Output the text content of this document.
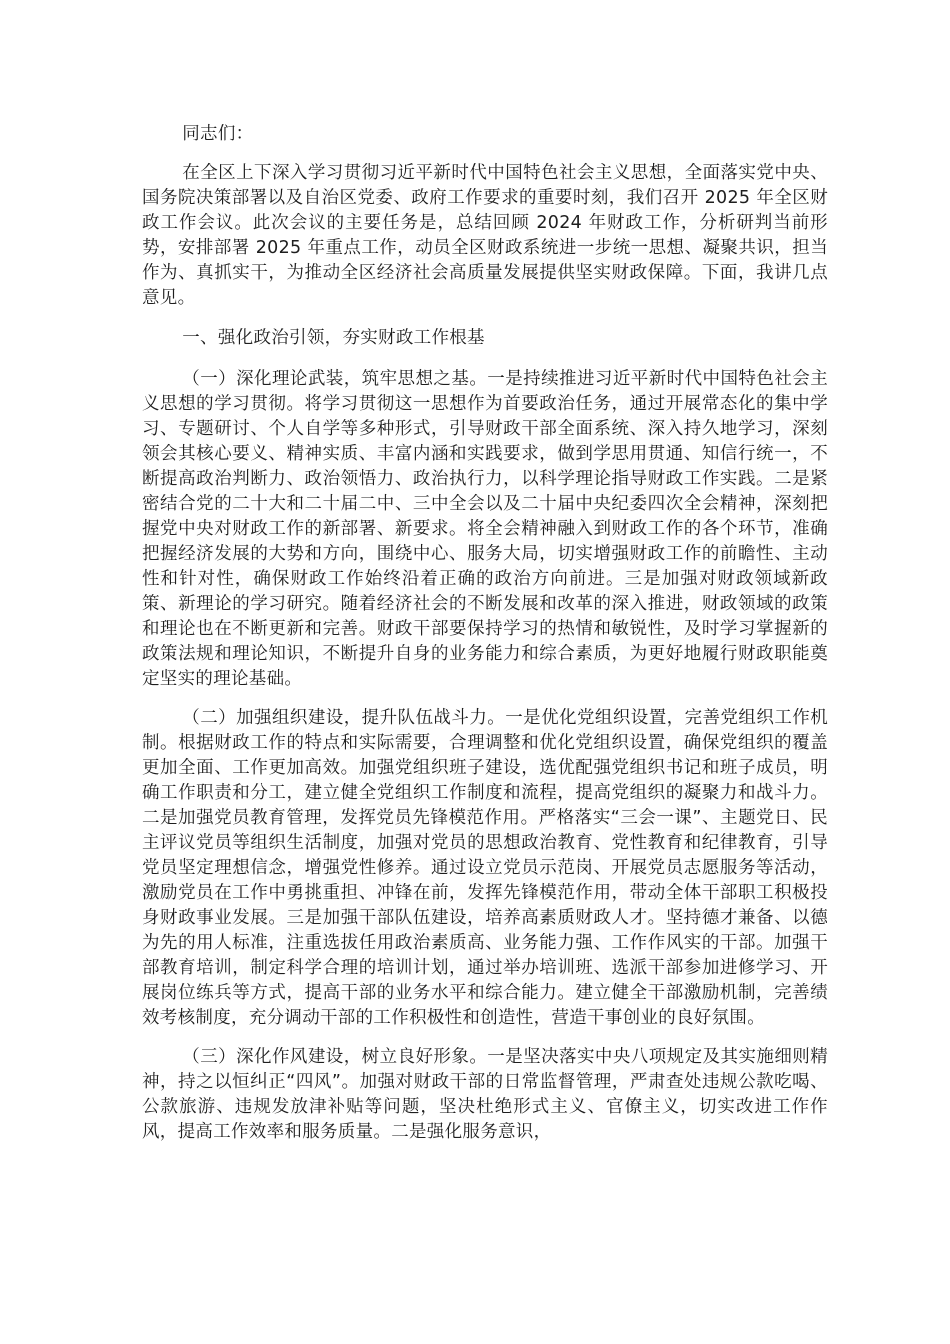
同志们：

在全区上下深入学习贯彻习近平新时代中国特色社会主义思想，全面落实党中央、国务院决策部署以及自治区党委、政府工作要求的重要时刻，我们召开 2025 年全区财政工作会议。此次会议的主要任务是，总结回顾 2024 年财政工作，分析研判当前形势，安排部署 2025 年重点工作，动员全区财政系统进一步统一思想、凝聚共识，担当作为、真抓实干，为推动全区经济社会高质量发展提供坚实财政保障。下面，我讲几点意见。

一、强化政治引领，夯实财政工作根基

（一）深化理论武装，筑牢思想之基。一是持续推进习近平新时代中国特色社会主义思想的学习贯彻。将学习贯彻这一思想作为首要政治任务，通过开展常态化的集中学习、专题研讨、个人自学等多种形式，引导财政干部全面系统、深入持久地学习，深刻领会其核心要义、精神实质、丰富内涵和实践要求，做到学思用贯通、知信行统一，不断提高政治判断力、政治领悟力、政治执行力，以科学理论指导财政工作实践。二是紧密结合党的二十大和二十届二中、三中全会以及二十届中央纪委四次全会精神，深刻把握党中央对财政工作的新部署、新要求。将全会精神融入到财政工作的各个环节，准确把握经济发展的大势和方向，围绕中心、服务大局，切实增强财政工作的前瞻性、主动性和针对性，确保财政工作始终沿着正确的政治方向前进。三是加强对财政领域新政策、新理论的学习研究。随着经济社会的不断发展和改革的深入推进，财政领域的政策和理论也在不断更新和完善。财政干部要保持学习的热情和敏锐性，及时学习掌握新的政策法规和理论知识，不断提升自身的业务能力和综合素质，为更好地履行财政职能奠定坚实的理论基础。

（二）加强组织建设，提升队伍战斗力。一是优化党组织设置，完善党组织工作机制。根据财政工作的特点和实际需要，合理调整和优化党组织设置，确保党组织的覆盖更加全面、工作更加高效。加强党组织班子建设，选优配强党组织书记和班子成员，明确工作职责和分工，建立健全党组织工作制度和流程，提高党组织的凝聚力和战斗力。二是加强党员教育管理，发挥党员先锋模范作用。严格落实“三会一课”、主题党日、民主评议党员等组织生活制度，加强对党员的思想政治教育、党性教育和纪律教育，引导党员坚定理想信念，增强党性修养。通过设立党员示范岗、开展党员志愿服务等活动，激励党员在工作中勇挑重担、冲锋在前，发挥先锋模范作用，带动全体干部职工积极投身财政事业发展。三是加强干部队伍建设，培养高素质财政人才。坚持德才兼备、以德为先的用人标准，注重选拔任用政治素质高、业务能力强、工作作风实的干部。加强干部教育培训，制定科学合理的培训计划，通过举办培训班、选派干部参加进修学习、开展岗位练兵等方式，提高干部的业务水平和综合能力。建立健全干部激励机制，完善绩效考核制度，充分调动干部的工作积极性和创造性，营造干事创业的良好氛围。

（三）深化作风建设，树立良好形象。一是坚决落实中央八项规定及其实施细则精神，持之以恒纠正“四风”。加强对财政干部的日常监督管理，严肃查处违规公款吃喝、公款旅游、违规发放津补贴等问题，坚决杜绝形式主义、官僚主义，切实改进工作作风，提高工作效率和服务质量。二是强化服务意识，
